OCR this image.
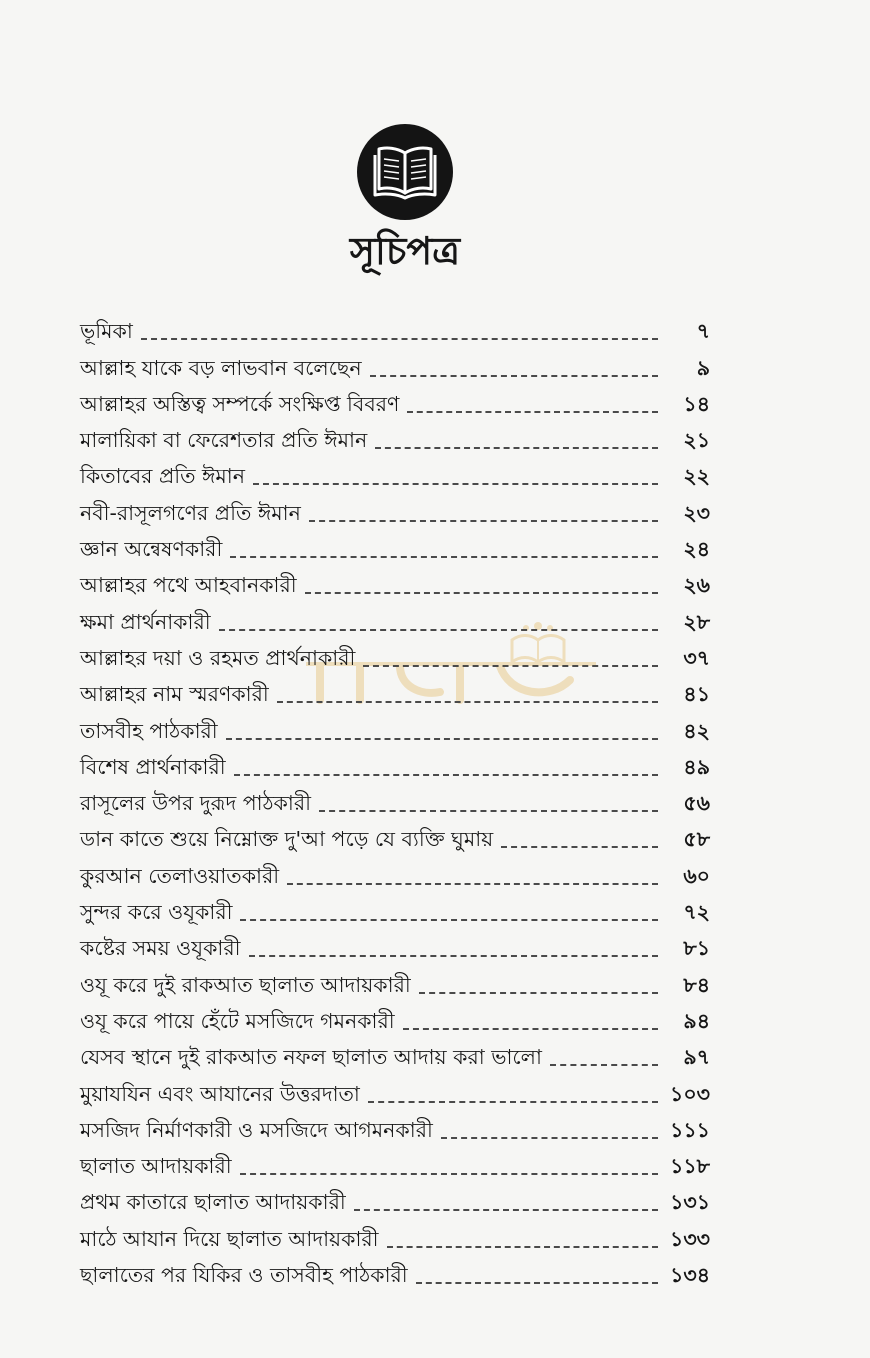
সূচিপত্র
ভূমিকা	৭
আল্লাহ যাকে বড় লাভবান বলেছেন	৯
আল্লাহর অস্তিত্ব সম্পর্কে সংক্ষিপ্ত বিবরণ	১৪
মালায়িকা বা ফেরেশতার প্রতি ঈমান	২১
কিতাবের প্রতি ঈমান	২২
নবী-রাসূলগণের প্রতি ঈমান	২৩
জ্ঞান অন্বেষণকারী	২৪
আল্লাহর পথে আহবানকারী	২৬
ক্ষমা প্রার্থনাকারী	২৮
আল্লাহর দয়া ও রহমত প্রার্থনাকারী	৩৭
আল্লাহর নাম স্মরণকারী	৪১
তাসবীহ পাঠকারী	৪২
বিশেষ প্রার্থনাকারী	৪৯
রাসূলের উপর দুরূদ পাঠকারী	৫৬
ডান কাতে শুয়ে নিম্নোক্ত দু'আ পড়ে যে ব্যক্তি ঘুমায়	৫৮
কুরআন তেলাওয়াতকারী	৬০
সুন্দর করে ওযূকারী	৭২
কষ্টের সময় ওযূকারী	৮১
ওযূ করে দুই রাকআত ছালাত আদায়কারী	৮৪
ওযূ করে পায়ে হেঁটে মসজিদে গমনকারী	৯৪
যেসব স্থানে দুই রাকআত নফল ছালাত আদায় করা ভালো	৯৭
মুয়াযযিন এবং আযানের উত্তরদাতা	১০৩
মসজিদ নির্মাণকারী ও মসজিদে আগমনকারী	১১১
ছালাত আদায়কারী	১১৮
প্রথম কাতারে ছালাত আদায়কারী	১৩১
মাঠে আযান দিয়ে ছালাত আদায়কারী	১৩৩
ছালাতের পর যিকির ও তাসবীহ পাঠকারী	১৩৪
